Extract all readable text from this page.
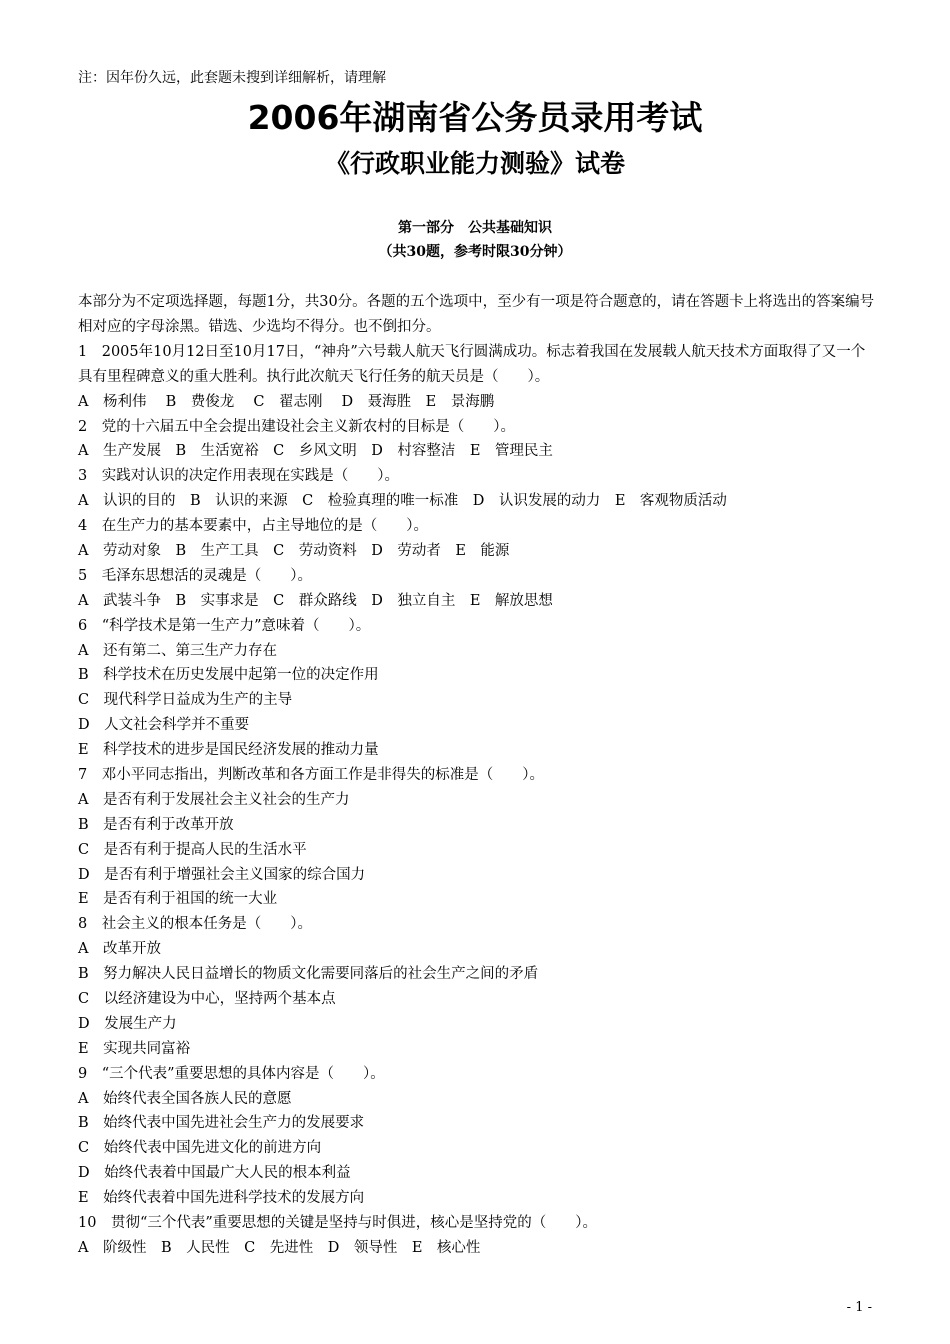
注：因年份久远，此套题未搜到详细解析，请理解
2006年湖南省公务员录用考试
《行政职业能力测验》试卷
第一部分　公共基础知识
（共30题，参考时限30分钟）
本部分为不定项选择题，每题1分，共30分。各题的五个选项中，至少有一项是符合题意的，请在答题卡上将选出的答案编号相对应的字母涂黑。错选、少选均不得分。也不倒扣分。
1　2005年10月12日至10月17日，“神舟”六号载人航天飞行圆满成功。标志着我国在发展载人航天技术方面取得了又一个具有里程碑意义的重大胜利。执行此次航天飞行任务的航天员是（　　）。
A　杨利伟　 B　费俊龙　 C　翟志刚　 D　聂海胜　E　景海鹏
2　党的十六届五中全会提出建设社会主义新农村的目标是（　　）。
A　生产发展　B　生活宽裕　C　乡风文明　D　村容整洁　E　管理民主
3　实践对认识的决定作用表现在实践是（　　）。
A　认识的目的　B　认识的来源　C　检验真理的唯一标准　D　认识发展的动力　E　客观物质活动
4　在生产力的基本要素中，占主导地位的是（　　）。
A　劳动对象　B　生产工具　C　劳动资料　D　劳动者　E　能源
5　毛泽东思想活的灵魂是（　　）。
A　武装斗争　B　实事求是　C　群众路线　D　独立自主　E　解放思想
6　“科学技术是第一生产力”意味着（　　）。
A　还有第二、第三生产力存在
B　科学技术在历史发展中起第一位的决定作用
C　现代科学日益成为生产的主导
D　人文社会科学并不重要
E　科学技术的进步是国民经济发展的推动力量
7　邓小平同志指出，判断改革和各方面工作是非得失的标准是（　　）。
A　是否有利于发展社会主义社会的生产力
B　是否有利于改革开放
C　是否有利于提高人民的生活水平
D　是否有利于增强社会主义国家的综合国力
E　是否有利于祖国的统一大业
8　社会主义的根本任务是（　　）。
A　改革开放
B　努力解决人民日益增长的物质文化需要同落后的社会生产之间的矛盾
C　以经济建设为中心，坚持两个基本点
D　发展生产力
E　实现共同富裕
9　“三个代表”重要思想的具体内容是（　　）。
A　始终代表全国各族人民的意愿
B　始终代表中国先进社会生产力的发展要求
C　始终代表中国先进文化的前进方向
D　始终代表着中国最广大人民的根本利益
E　始终代表着中国先进科学技术的发展方向
10　贯彻“三个代表”重要思想的关键是坚持与时俱进，核心是坚持党的（　　）。
A　阶级性　B　人民性　C　先进性　D　领导性　E　核心性
- 1 -
